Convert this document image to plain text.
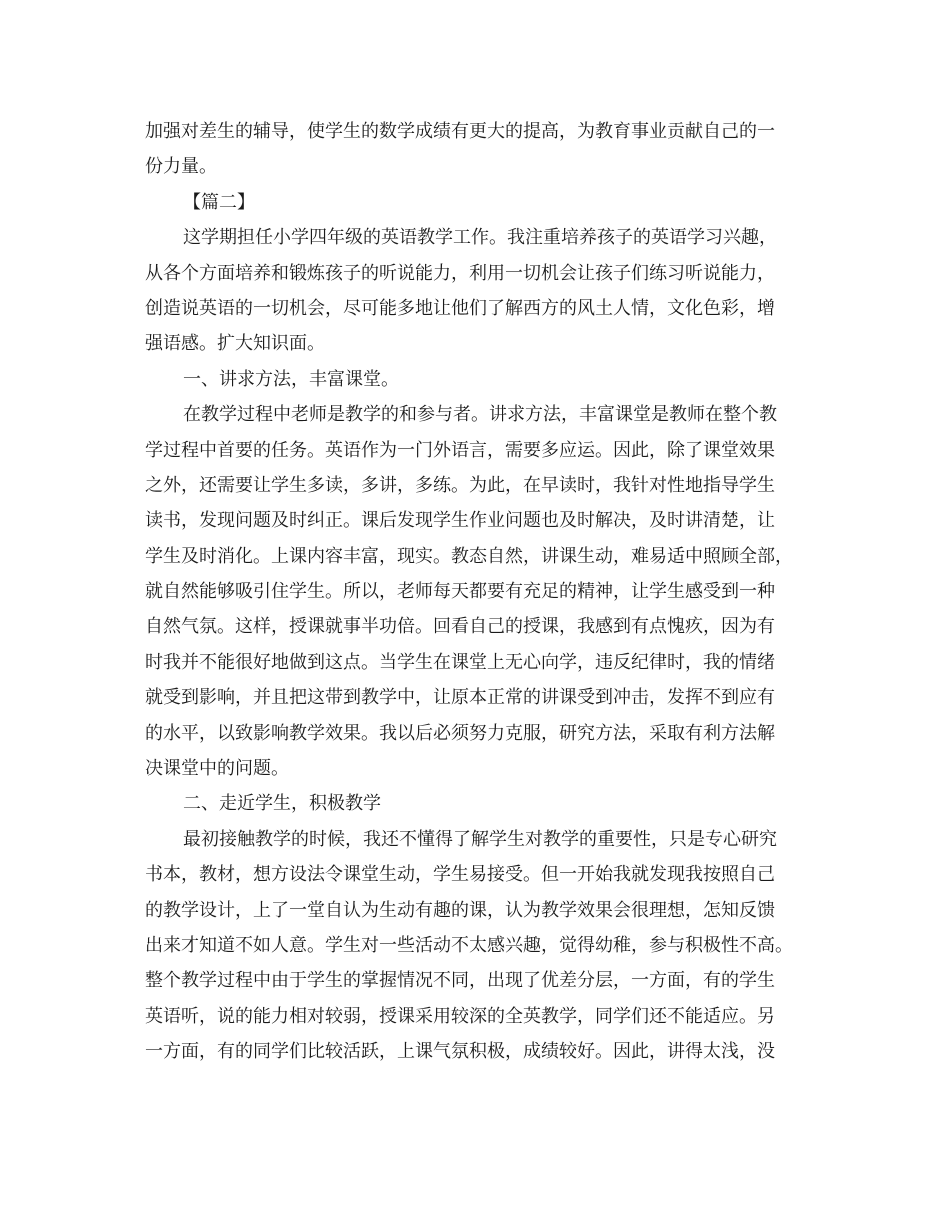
加强对差生的辅导，使学生的数学成绩有更大的提高，为教育事业贡献自己的一
份力量。
【篇二】
这学期担任小学四年级的英语教学工作。我注重培养孩子的英语学习兴趣，
从各个方面培养和锻炼孩子的听说能力，利用一切机会让孩子们练习听说能力，
创造说英语的一切机会，尽可能多地让他们了解西方的风土人情，文化色彩，增
强语感。扩大知识面。
一、讲求方法，丰富课堂。
在教学过程中老师是教学的和参与者。讲求方法，丰富课堂是教师在整个教
学过程中首要的任务。英语作为一门外语言，需要多应运。因此，除了课堂效果
之外，还需要让学生多读，多讲，多练。为此，在早读时，我针对性地指导学生
读书，发现问题及时纠正。课后发现学生作业问题也及时解决，及时讲清楚，让
学生及时消化。上课内容丰富，现实。教态自然，讲课生动，难易适中照顾全部，
就自然能够吸引住学生。所以，老师每天都要有充足的精神，让学生感受到一种
自然气氛。这样，授课就事半功倍。回看自己的授课，我感到有点愧疚，因为有
时我并不能很好地做到这点。当学生在课堂上无心向学，违反纪律时，我的情绪
就受到影响，并且把这带到教学中，让原本正常的讲课受到冲击，发挥不到应有
的水平，以致影响教学效果。我以后必须努力克服，研究方法，采取有利方法解
决课堂中的问题。
二、走近学生，积极教学
最初接触教学的时候，我还不懂得了解学生对教学的重要性，只是专心研究
书本，教材，想方设法令课堂生动，学生易接受。但一开始我就发现我按照自己
的教学设计，上了一堂自认为生动有趣的课，认为教学效果会很理想，怎知反馈
出来才知道不如人意。学生对一些活动不太感兴趣，觉得幼稚，参与积极性不高。
整个教学过程中由于学生的掌握情况不同，出现了优差分层，一方面，有的学生
英语听，说的能力相对较弱，授课采用较深的全英教学，同学们还不能适应。另
一方面，有的同学们比较活跃，上课气氛积极，成绩较好。因此，讲得太浅，没
